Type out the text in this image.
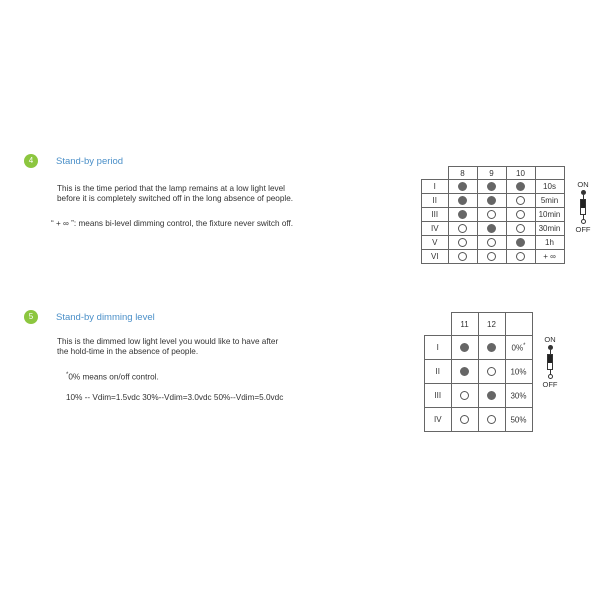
4	Stand-by period
This is the time period that the lamp remains at a low light level
before it is completely switched off in the long absence of people.
“ + ∞ ”: means bi-level dimming control, the fixture never switch off.
	8	9	10	
I				10s
II				5min
III				10min
IV				30min
V				1h
VI				+ ∞
ON
OFF
5	Stand-by dimming level
This is the dimmed low light level you would like to have after
the hold-time in the absence of people.
*0% means on/off control.
10% -- Vdim=1.5vdc 30%--Vdim=3.0vdc 50%--Vdim=5.0vdc
	11	12	
I			0%*
II			10%
III			30%
IV			50%
ON
OFF
